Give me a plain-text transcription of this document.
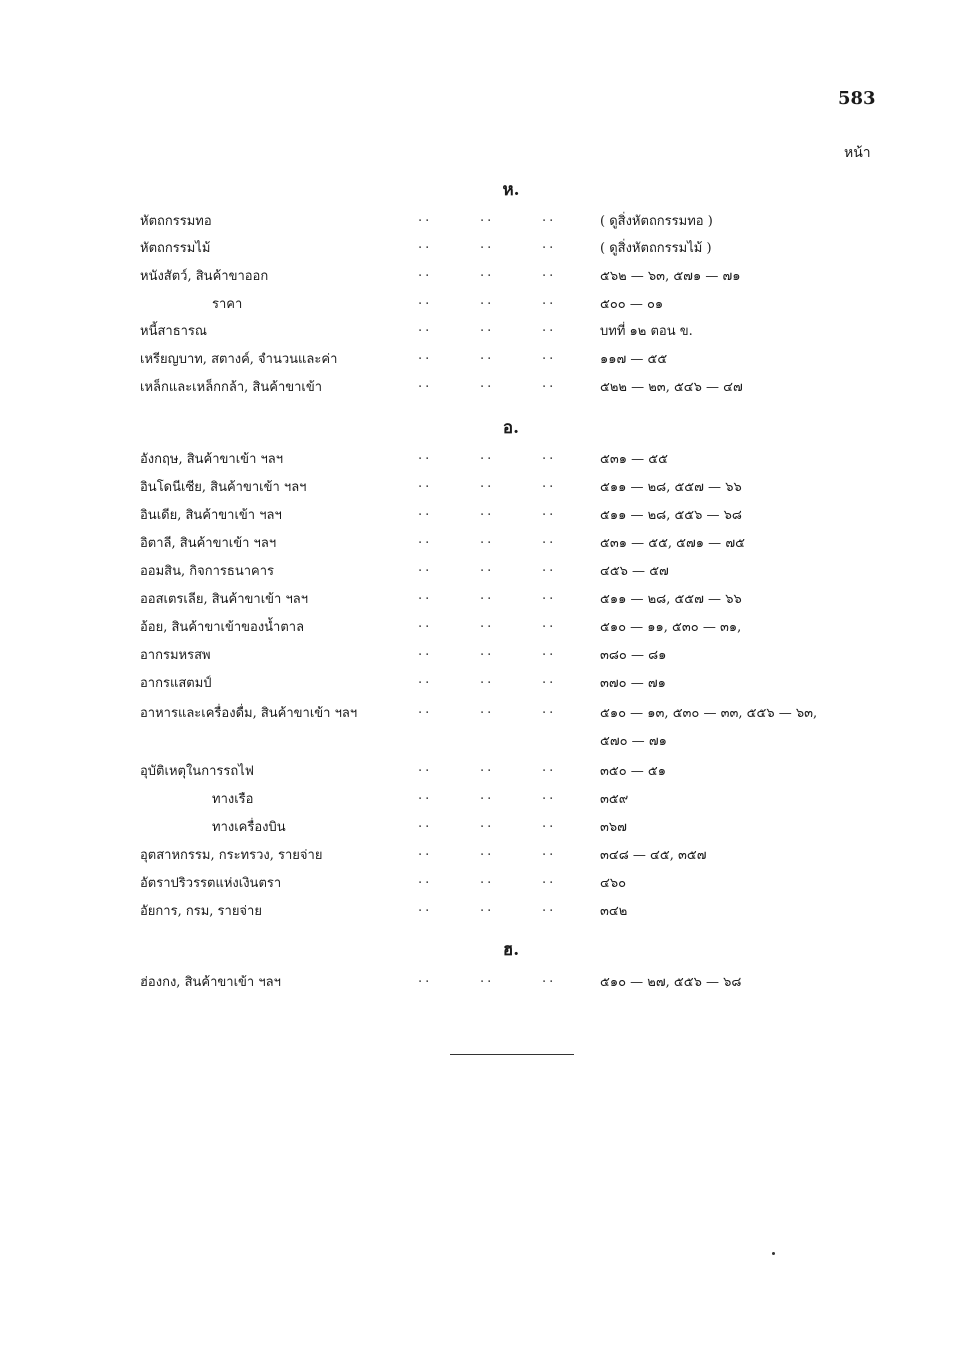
583
หน้า
ห.
หัตถกรรมทอ	..	..	..	( ดูสิ่งหัตถกรรมทอ )
หัตถกรรมไม้	..	..	..	( ดูสิ่งหัตถกรรมไม้ )
หนังสัตว์, สินค้าขาออก	..	..	..	๕๖๒ — ๖๓, ๕๗๑ — ๗๑
ราคา	..	..	..	๕๐๐ — ๐๑
หนี้สาธารณ	..	..	..	บทที่ ๑๒ ตอน ข.
เหรียญบาท, สตางค์, จำนวนและค่า	..	..	..	๑๑๗ — ๕๕
เหล็กและเหล็กกล้า, สินค้าขาเข้า	..	..	..	๕๒๒ — ๒๓, ๕๔๖ — ๔๗
อ.
อังกฤษ, สินค้าขาเข้า ฯลฯ	..	..	..	๕๓๑ — ๕๕
อินโดนีเซีย, สินค้าขาเข้า ฯลฯ	..	..	..	๕๑๑ — ๒๘, ๕๕๗ — ๖๖
อินเดีย, สินค้าขาเข้า ฯลฯ	..	..	..	๕๑๑ — ๒๘, ๕๕๖ — ๖๘
อิตาลี, สินค้าขาเข้า ฯลฯ	..	..	..	๕๓๑ — ๕๕, ๕๗๑ — ๗๕
ออมสิน, กิจการธนาคาร	..	..	..	๔๕๖ — ๕๗
ออสเตรเลีย, สินค้าขาเข้า ฯลฯ	..	..	..	๕๑๑ — ๒๘, ๕๕๗ — ๖๖
อ้อย, สินค้าขาเข้าของน้ำตาล	..	..	..	๕๑๐ — ๑๑, ๕๓๐ — ๓๑,
อากรมหรสพ	..	..	..	๓๘๐ — ๘๑
อากรแสตมป์	..	..	..	๓๗๐ — ๗๑
อาหารและเครื่องดื่ม, สินค้าขาเข้า ฯลฯ	..	..	..	๕๑๐ — ๑๓, ๕๓๐ — ๓๓, ๕๕๖ — ๖๓,
๕๗๐ — ๗๑
อุบัติเหตุในการรถไฟ	..	..	..	๓๕๐ — ๕๑
ทางเรือ	..	..	..	๓๕๙
ทางเครื่องบิน	..	..	..	๓๖๗
อุตสาหกรรม, กระทรวง, รายจ่าย	..	..	..	๓๔๘ — ๔๕, ๓๕๗
อัตราปริวรรตแห่งเงินตรา	..	..	..	๔๖๐
อัยการ, กรม, รายจ่าย	..	..	..	๓๔๒
ฮ.
ฮ่องกง, สินค้าขาเข้า ฯลฯ	..	..	..	๕๑๐ — ๒๗, ๕๕๖ — ๖๘
